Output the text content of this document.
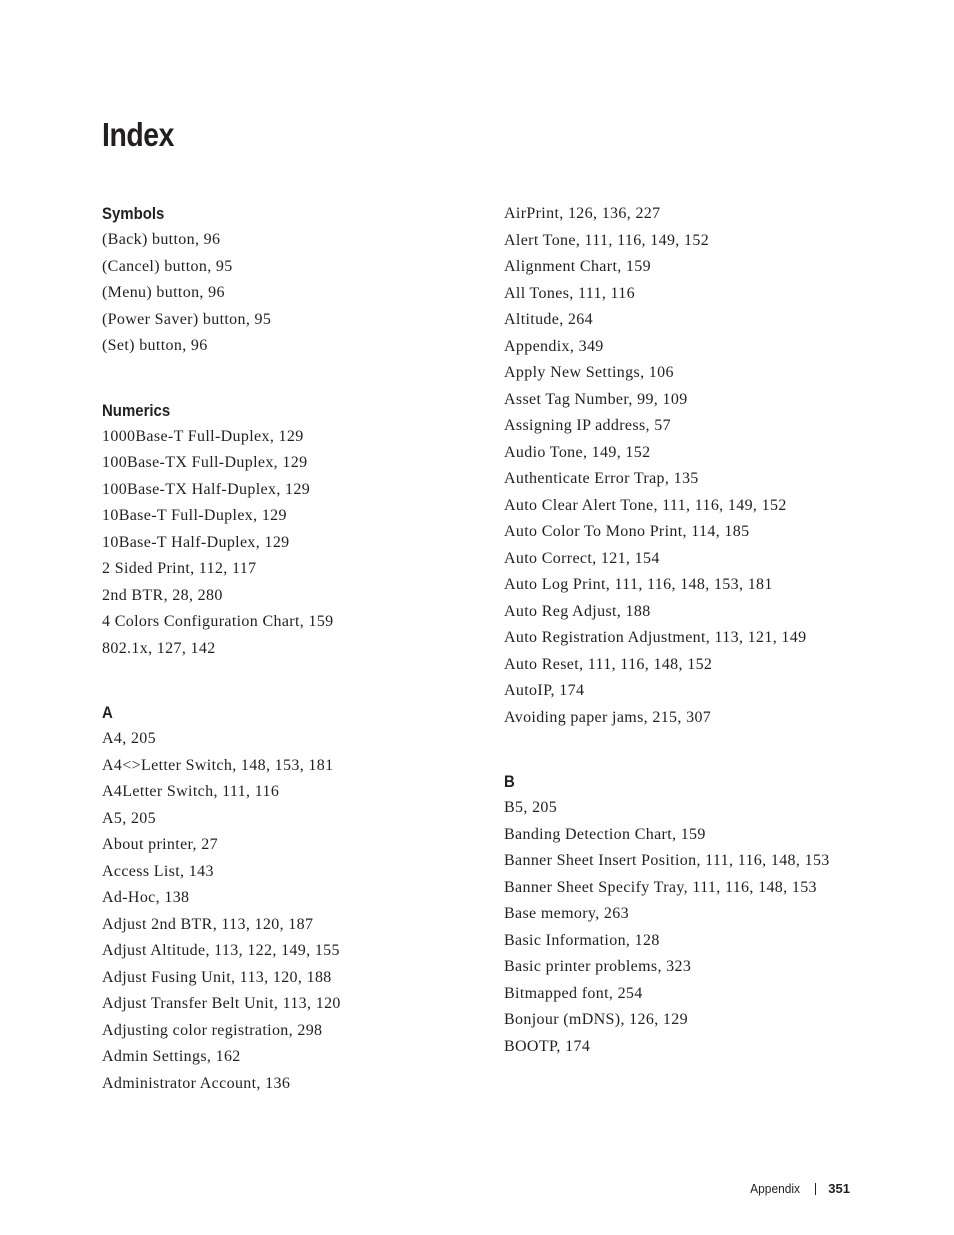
Index
Symbols
(Back) button, 96
(Cancel) button, 95
(Menu) button, 96
(Power Saver) button, 95
(Set) button, 96
Numerics
1000Base-T Full-Duplex, 129
100Base-TX Full-Duplex, 129
100Base-TX Half-Duplex, 129
10Base-T Full-Duplex, 129
10Base-T Half-Duplex, 129
2 Sided Print, 112, 117
2nd BTR, 28, 280
4 Colors Configuration Chart, 159
802.1x, 127, 142
A
A4, 205
A4<>Letter Switch, 148, 153, 181
A4Letter Switch, 111, 116
A5, 205
About printer, 27
Access List, 143
Ad-Hoc, 138
Adjust 2nd BTR, 113, 120, 187
Adjust Altitude, 113, 122, 149, 155
Adjust Fusing Unit, 113, 120, 188
Adjust Transfer Belt Unit, 113, 120
Adjusting color registration, 298
Admin Settings, 162
Administrator Account, 136
AirPrint, 126, 136, 227
Alert Tone, 111, 116, 149, 152
Alignment Chart, 159
All Tones, 111, 116
Altitude, 264
Appendix, 349
Apply New Settings, 106
Asset Tag Number, 99, 109
Assigning IP address, 57
Audio Tone, 149, 152
Authenticate Error Trap, 135
Auto Clear Alert Tone, 111, 116, 149, 152
Auto Color To Mono Print, 114, 185
Auto Correct, 121, 154
Auto Log Print, 111, 116, 148, 153, 181
Auto Reg Adjust, 188
Auto Registration Adjustment, 113, 121, 149
Auto Reset, 111, 116, 148, 152
AutoIP, 174
Avoiding paper jams, 215, 307
B
B5, 205
Banding Detection Chart, 159
Banner Sheet Insert Position, 111, 116, 148, 153
Banner Sheet Specify Tray, 111, 116, 148, 153
Base memory, 263
Basic Information, 128
Basic printer problems, 323
Bitmapped font, 254
Bonjour (mDNS), 126, 129
BOOTP, 174
Appendix 351
